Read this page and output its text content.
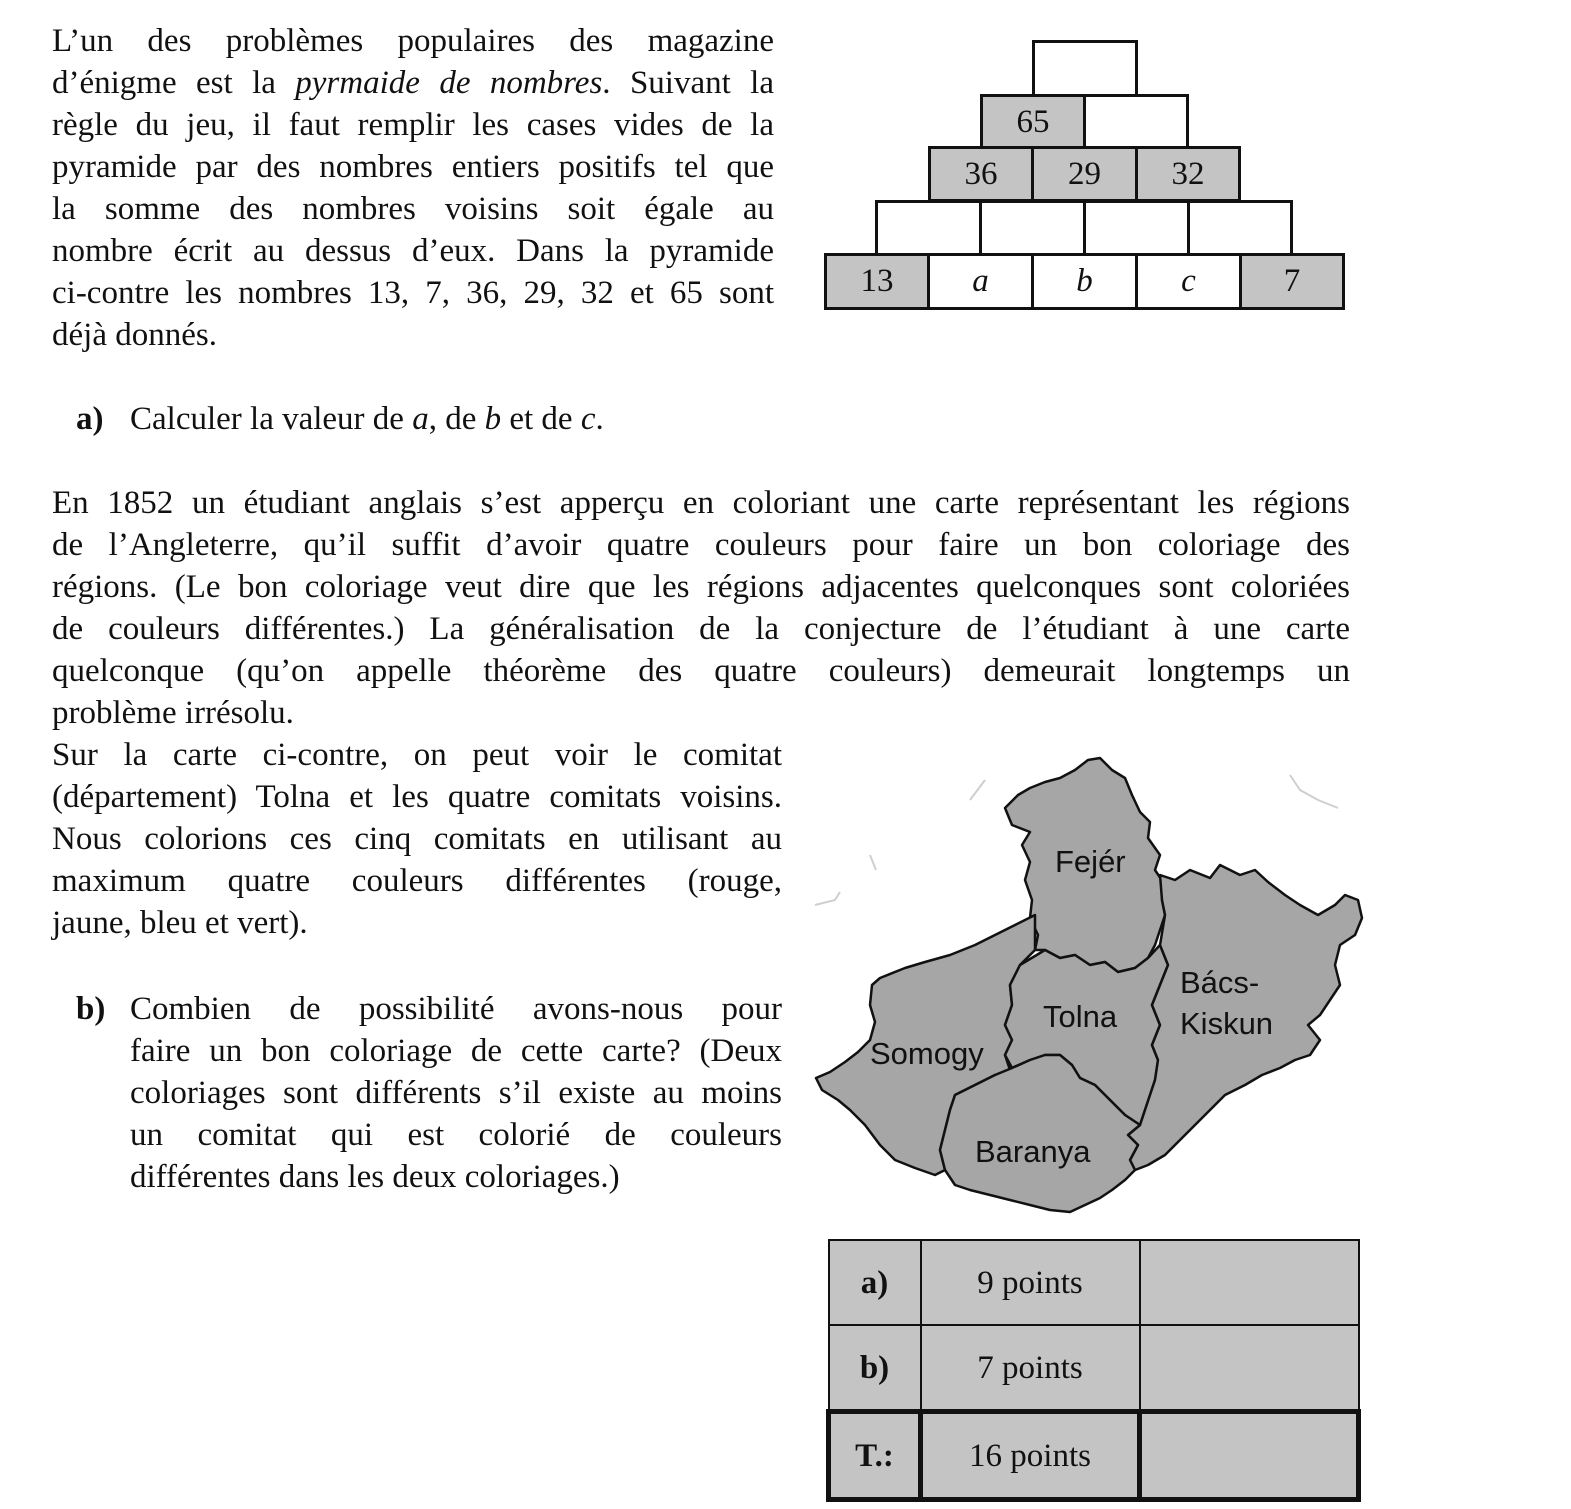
L’un des problèmes populaires des magazine
d’énigme est la pyrmaide de nombres. Suivant la
règle du jeu, il faut remplir les cases vides de la
pyramide par des nombres entiers positifs tel que
la somme des nombres voisins soit égale au
nombre écrit au dessus d’eux. Dans la pyramide
ci-contre les nombres 13, 7, 36, 29, 32 et 65 sont
déjà donnés.
65
36	29	32
13	a	b	c	7
a) Calculer la valeur de a, de b et de c.
En 1852 un étudiant anglais s’est apperçu en coloriant une carte représentant les régions
de l’Angleterre, qu’il suffit d’avoir quatre couleurs pour faire un bon coloriage des
régions. (Le bon coloriage veut dire que les régions adjacentes quelconques sont coloriées
de couleurs différentes.) La généralisation de la conjecture de l’étudiant à une carte
quelconque (qu’on appelle théorème des quatre couleurs) demeurait longtemps un
problème irrésolu.
Sur la carte ci-contre, on peut voir le comitat
(département) Tolna et les quatre comitats voisins.
Nous colorions ces cinq comitats en utilisant au
maximum quatre couleurs différentes (rouge,
jaune, bleu et vert).
b) Combien de possibilité avons-nous pour
faire un bon coloriage de cette carte? (Deux
coloriages sont différents s’il existe au moins
un comitat qui est colorié de couleurs
différentes dans les deux coloriages.)
Fejér
Tolna
Bács-
Kiskun
Somogy
Baranya
a)	9 points	
b)	7 points	
T.:	16 points	
